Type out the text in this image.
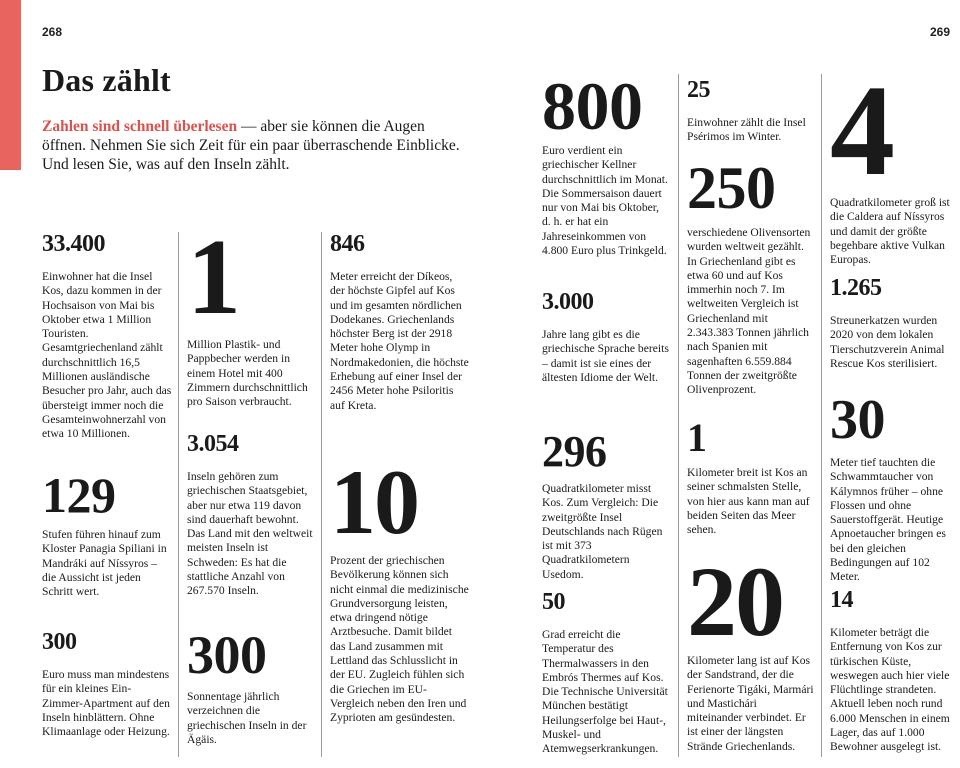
268	269
Das zählt

Zahlen sind schnell überlesen — aber sie können die Augen öffnen. Nehmen Sie sich Zeit für ein paar überraschende Einblicke. Und lesen Sie, was auf den Inseln zählt.

33.400
Einwohner hat die Insel Kos, dazu kommen in der Hochsaison von Mai bis Oktober etwa 1 Million Touristen. Gesamtgriechenland zählt durchschnittlich 16,5 Millionen ausländische Besucher pro Jahr, auch das übersteigt immer noch die Gesamteinwohnerzahl von etwa 10 Millionen.
129
Stufen führen hinauf zum Kloster Panagia Spiliani in Mandráki auf Níssyros – die Aussicht ist jeden Schritt wert.
300
Euro muss man mindestens für ein kleines Ein-Zimmer-Apartment auf den Inseln hinblättern. Ohne Klimaanlage oder Heizung.
1
Million Plastik- und Pappbecher werden in einem Hotel mit 400 Zimmern durchschnittlich pro Saison verbraucht.
3.054
Inseln gehören zum griechischen Staatsgebiet, aber nur etwa 119 davon sind dauerhaft bewohnt. Das Land mit den weltweit meisten Inseln ist Schweden: Es hat die stattliche Anzahl von 267.570 Inseln.
300
Sonnentage jährlich verzeichnen die griechischen Inseln in der Ägäis.
846
Meter erreicht der Díkeos, der höchste Gipfel auf Kos und im gesamten nördlichen Dodekanes. Griechenlands höchster Berg ist der 2918 Meter hohe Olymp in Nordmakedonien, die höchste Erhebung auf einer Insel der 2456 Meter hohe Psiloritis auf Kreta.
10
Prozent der griechischen Bevölkerung können sich nicht einmal die medizinische Grundversorgung leisten, etwa dringend nötige Arztbesuche. Damit bildet das Land zusammen mit Lettland das Schlusslicht in der EU. Zugleich fühlen sich die Griechen im EU-Vergleich neben den Iren und Zyprioten am gesündesten.
800
Euro verdient ein griechischer Kellner durchschnittlich im Monat. Die Sommersaison dauert nur von Mai bis Oktober, d. h. er hat ein Jahreseinkommen von 4.800 Euro plus Trinkgeld.
3.000
Jahre lang gibt es die griechische Sprache bereits – damit ist sie eines der ältesten Idiome der Welt.
296
Quadratkilometer misst Kos. Zum Vergleich: Die zweitgrößte Insel Deutschlands nach Rügen ist mit 373 Quadratkilometern Usedom.
50
Grad erreicht die Temperatur des Thermalwassers in den Embrós Thermes auf Kos. Die Technische Universität München bestätigt Heilungserfolge bei Haut-, Muskel- und Atemwegserkrankungen.
25
Einwohner zählt die Insel Psérimos im Winter.
250
verschiedene Olivensorten wurden weltweit gezählt. In Griechenland gibt es etwa 60 und auf Kos immerhin noch 7. Im weltweiten Vergleich ist Griechenland mit 2.343.383 Tonnen jährlich nach Spanien mit sagenhaften 6.559.884 Tonnen der zweitgrößte Olivenprozent.
1
Kilometer breit ist Kos an seiner schmalsten Stelle, von hier aus kann man auf beiden Seiten das Meer sehen.
20
Kilometer lang ist auf Kos der Sandstrand, der die Ferienorte Tigáki, Marmári und Mastichári miteinander verbindet. Er ist einer der längsten Strände Griechenlands.
4
Quadratkilometer groß ist die Caldera auf Níssyros und damit der größte begehbare aktive Vulkan Europas.
1.265
Streunerkatzen wurden 2020 von dem lokalen Tierschutzverein Animal Rescue Kos sterilisiert.
30
Meter tief tauchten die Schwammtaucher von Kálymnos früher – ohne Flossen und ohne Sauerstoffgerät. Heutige Apnoetaucher bringen es bei den gleichen Bedingungen auf 102 Meter.
14
Kilometer beträgt die Entfernung von Kos zur türkischen Küste, weswegen auch hier viele Flüchtlinge strandeten. Aktuell leben noch rund 6.000 Menschen in einem Lager, das auf 1.000 Bewohner ausgelegt ist.
